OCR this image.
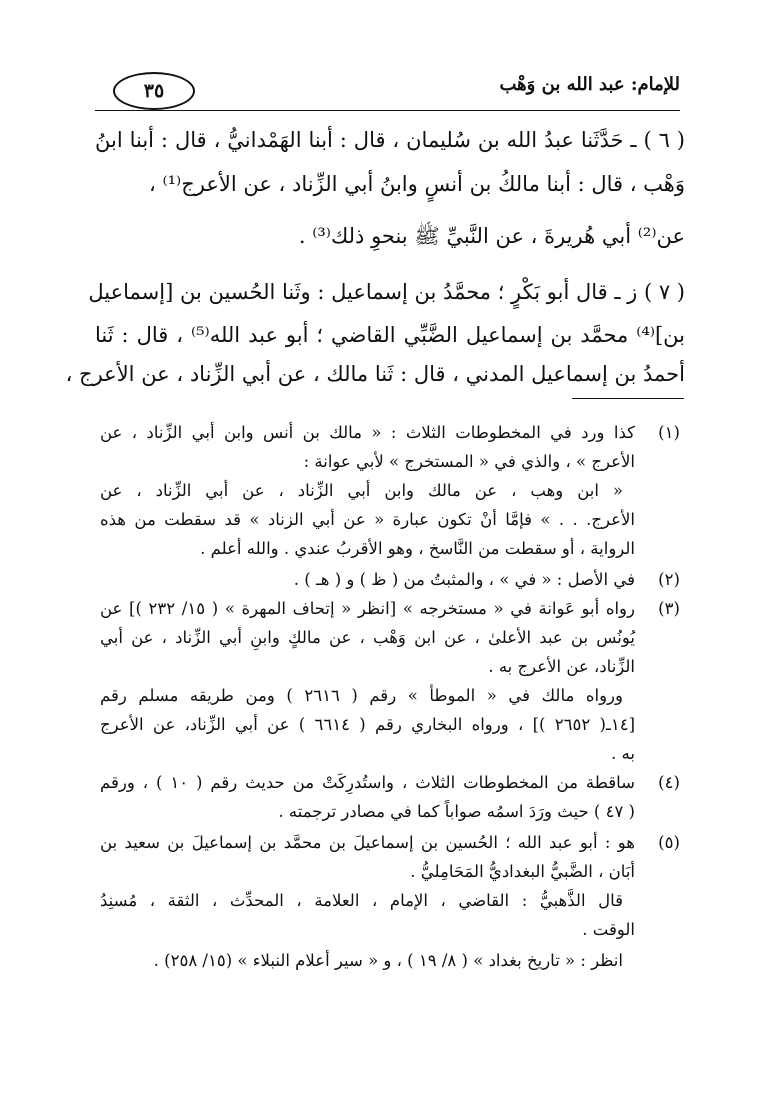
٣٥	للإمام: عبد الله بن وَهْب
( ٦ ) ـ حَدَّثَنا عبدُ الله بن سُليمان ، قال : أبنا الهَمْدانيُّ ، قال : أبنا ابنُ
وَهْب ، قال : أبنا مالكُ بن أنسٍ وابنُ أبي الزِّناد ، عن الأعرج⁽¹⁾ ،
عن⁽²⁾ أبي هُريرةَ ، عن النَّبيِّ ﷺ بنحوِ ذلك⁽³⁾ .
( ٧ ) ز ـ قال أبو بَكْرٍ ؛ محمَّدُ بن إسماعيل : وثَنا الحُسين بن [إسماعيل
بن]⁽⁴⁾ محمَّد بن إسماعيل الضَّبِّي القاضي ؛ أبو عبد الله⁽⁵⁾ ، قال : ثَنا
أحمدُ بن إسماعيل المدني ، قال : ثَنا مالك ، عن أبي الزِّناد ، عن الأعرج ،
(١)
كذا ورد في المخطوطات الثلاث : « مالك بن أنس وابن أبي الزِّناد ، عن
الأعرج » ، والذي في « المستخرج » لأبي عوانة :
« ابن وهب ، عن مالك وابن أبي الزِّناد ، عن أبي الزِّناد ، عن
الأعرج. . . » فإمَّا أنْ تكون عبارة « عن أبي الزناد » قد سقطت من هذه
الرواية ، أو سقطت من النَّاسخ ، وهو الأقربُ عندي . والله أعلم .
(٢)
في الأصل : « في » ، والمثبتُ من ( ظ ) و ( هـ ) .
(٣)
رواه أبو عَوانة في « مستخرجه » [انظر « إتحاف المهرة » ( ١٥/ ٢٣٢ )] عن
يُونُس بن عبد الأعلىٰ ، عن ابن وَهْب ، عن مالكٍ وابنِ أبي الزِّناد ، عن أبي
الزِّناد، عن الأعرج به .
ورواه مالك في « الموطأ » رقم ( ٢٦١٦ ) ومن طريقه مسلم رقم
[١٤ـ( ٢٦٥٢ )] ، ورواه البخاري رقم ( ٦٦١٤ ) عن أبي الزِّناد، عن الأعرج
به .
(٤)
ساقطة من المخطوطات الثلاث ، واستُدرِكَتْ من حديث رقم ( ١٠ ) ، ورقم
( ٤٧ ) حيث ورَدَ اسمُه صواباً كما في مصادر ترجمته .
(٥)
هو : أبو عبد الله ؛ الحُسين بن إسماعيلَ بن محمَّد بن إسماعيلَ بن سعيد بن
أبَان ، الضَّبيُّ البغداديُّ المَحَامِليُّ .
قال الذَّهبيُّ : القاضي ، الإمام ، العلامة ، المحدِّث ، الثقة ، مُسنِدُ
الوقت .
انظر : « تاريخ بغداد » ( ٨/ ١٩ ) ، و « سير أعلام النبلاء » (١٥/ ٢٥٨) .
